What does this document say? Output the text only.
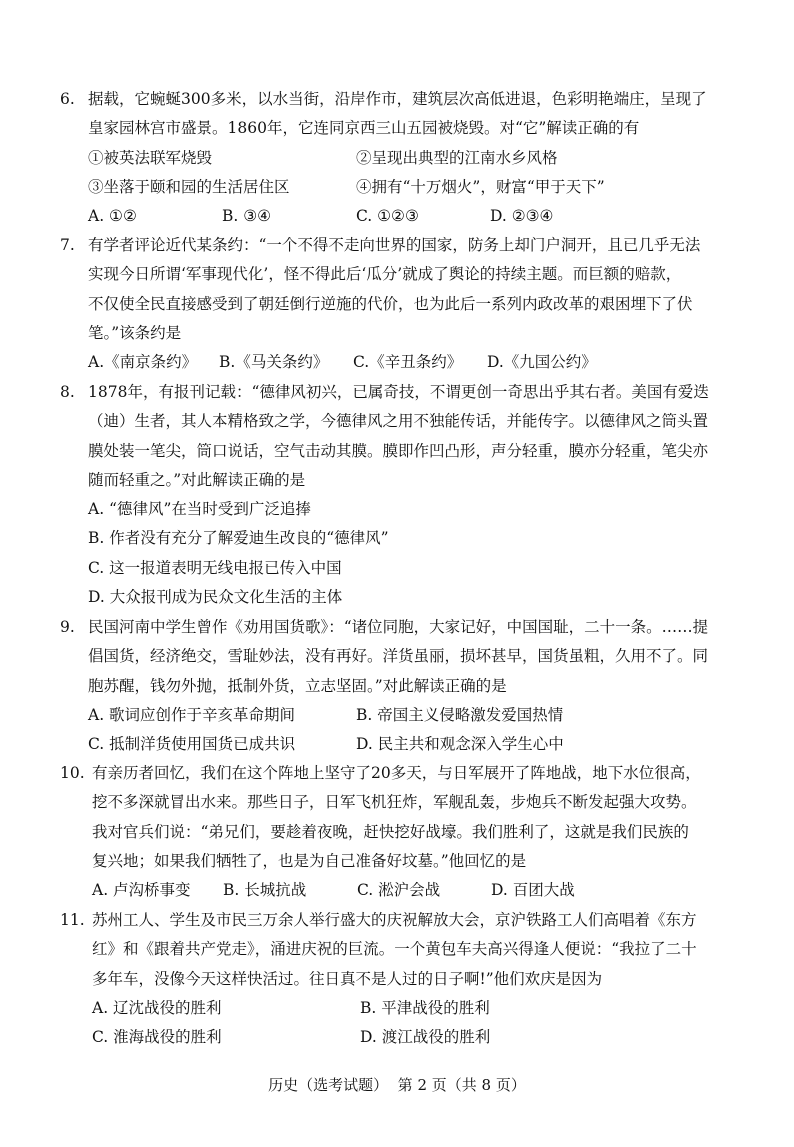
6. 据载，它蜿蜒300多米，以水当街，沿岸作市，建筑层次高低进退，色彩明艳端庄，呈现了
皇家园林宫市盛景。1860年，它连同京西三山五园被烧毁。对“它”解读正确的有
①被英法联军烧毁	②呈现出典型的江南水乡风格
③坐落于颐和园的生活居住区	④拥有“十万烟火”，财富“甲于天下”
A. ①②	B. ③④	C. ①②③	D. ②③④
7. 有学者评论近代某条约：“一个不得不走向世界的国家，防务上却门户洞开，且已几乎无法
实现今日所谓‘军事现代化’，怪不得此后‘瓜分’就成了舆论的持续主题。而巨额的赔款，
不仅使全民直接感受到了朝廷倒行逆施的代价，也为此后一系列内政改革的艰困埋下了伏
笔。”该条约是
A.《南京条约》	B.《马关条约》	C.《辛丑条约》	D.《九国公约》
8. 1878年，有报刊记载：“德律风初兴，已属奇技，不谓更创一奇思出乎其右者。美国有爱迭
（迪）生者，其人本精格致之学，今德律风之用不独能传话，并能传字。以德律风之筒头置
膜处装一笔尖，筒口说话，空气击动其膜。膜即作凹凸形，声分轻重，膜亦分轻重，笔尖亦
随而轻重之。”对此解读正确的是
A. “德律风”在当时受到广泛追捧
B. 作者没有充分了解爱迪生改良的“德律风”
C. 这一报道表明无线电报已传入中国
D. 大众报刊成为民众文化生活的主体
9. 民国河南中学生曾作《劝用国货歌》：“诸位同胞，大家记好，中国国耻，二十一条。……提
倡国货，经济绝交，雪耻妙法，没有再好。洋货虽丽，损坏甚早，国货虽粗，久用不了。同
胞苏醒，钱勿外抛，抵制外货，立志坚固。”对此解读正确的是
A. 歌词应创作于辛亥革命期间	B. 帝国主义侵略激发爱国热情
C. 抵制洋货使用国货已成共识	D. 民主共和观念深入学生心中
10. 有亲历者回忆，我们在这个阵地上坚守了20多天，与日军展开了阵地战，地下水位很高，
挖不多深就冒出水来。那些日子，日军飞机狂炸，军舰乱轰，步炮兵不断发起强大攻势。
我对官兵们说：“弟兄们，要趁着夜晚，赶快挖好战壕。我们胜利了，这就是我们民族的
复兴地；如果我们牺牲了，也是为自己准备好坟墓。”他回忆的是
A. 卢沟桥事变	B. 长城抗战	C. 淞沪会战	D. 百团大战
11. 苏州工人、学生及市民三万余人举行盛大的庆祝解放大会，京沪铁路工人们高唱着《东方
红》和《跟着共产党走》，涌进庆祝的巨流。一个黄包车夫高兴得逢人便说：“我拉了二十
多年车，没像今天这样快活过。往日真不是人过的日子啊!”他们欢庆是因为
A. 辽沈战役的胜利	B. 平津战役的胜利
C. 淮海战役的胜利	D. 渡江战役的胜利
历史（选考试题）  第 2 页（共 8 页）
